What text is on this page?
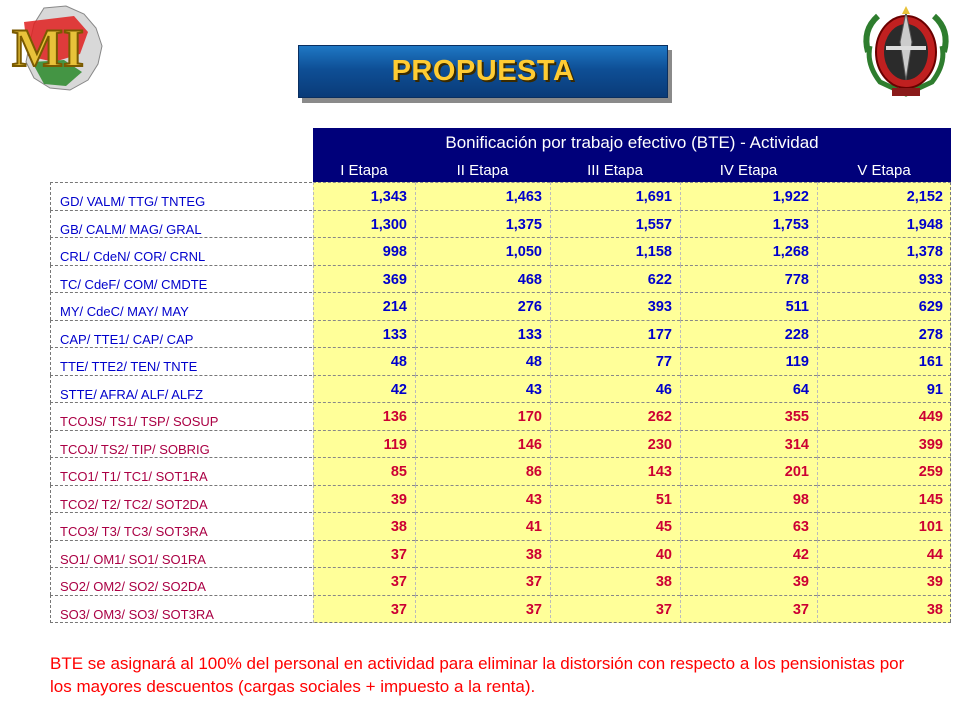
MI	PROPUESTA
Bonificación por trabajo efectivo (BTE) - Actividad
I Etapa	II Etapa	III Etapa	IV Etapa	V Etapa
GD/ VALM/ TTG/ TNTEG	1,343	1,463	1,691	1,922	2,152
GB/ CALM/ MAG/ GRAL	1,300	1,375	1,557	1,753	1,948
CRL/ CdeN/ COR/ CRNL	998	1,050	1,158	1,268	1,378
TC/ CdeF/ COM/ CMDTE	369	468	622	778	933
MY/ CdeC/ MAY/ MAY	214	276	393	511	629
CAP/ TTE1/ CAP/ CAP	133	133	177	228	278
TTE/ TTE2/ TEN/ TNTE	48	48	77	119	161
STTE/ AFRA/ ALF/ ALFZ	42	43	46	64	91
TCOJS/ TS1/ TSP/ SOSUP	136	170	262	355	449
TCOJ/ TS2/ TIP/ SOBRIG	119	146	230	314	399
TCO1/ T1/ TC1/ SOT1RA	85	86	143	201	259
TCO2/ T2/ TC2/ SOT2DA	39	43	51	98	145
TCO3/ T3/ TC3/ SOT3RA	38	41	45	63	101
SO1/ OM1/ SO1/ SO1RA	37	38	40	42	44
SO2/ OM2/ SO2/ SO2DA	37	37	38	39	39
SO3/ OM3/ SO3/ SOT3RA	37	37	37	37	38
BTE se asignará al 100% del personal en actividad para eliminar la distorsión con respecto a los pensionistas por los mayores descuentos (cargas sociales + impuesto a la renta).
